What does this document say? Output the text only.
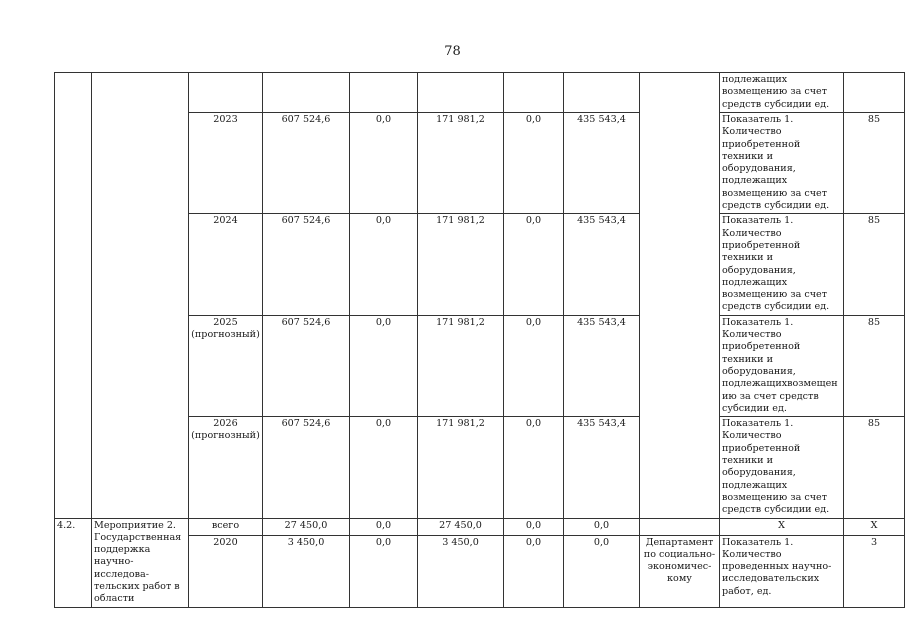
78
									подлежащих возмещению за счет средств субсидии ед.	
		2023	607 524,6	0,0	171 981,2	0,0	435 543,4		Показатель 1. Количество приобретенной техники и оборудования, подлежащих возмещению за счет средств субсидии ед.	85
		2024	607 524,6	0,0	171 981,2	0,0	435 543,4		Показатель 1. Количество приобретенной техники и оборудования, подлежащих возмещению за счет средств субсидии ед.	85
		2025 (прогнозный)	607 524,6	0,0	171 981,2	0,0	435 543,4		Показатель 1. Количество приобретенной техники и оборудования, подлежащихвозмещению за счет средств субсидии ед.	85
		2026 (прогнозный)	607 524,6	0,0	171 981,2	0,0	435 543,4		Показатель 1. Количество приобретенной техники и оборудования, подлежащих возмещению за счет средств субсидии ед.	85
4.2.	Мероприятие 2. Государственная поддержка научно-исследова-тельских работ в области	всего	27 450,0	0,0	27 450,0	0,0	0,0		Х	Х
		2020	3 450,0	0,0	3 450,0	0,0	0,0	Департамент по социально-экономичес-кому	Показатель 1. Количество проведенных научно-исследовательских работ, ед.	3
